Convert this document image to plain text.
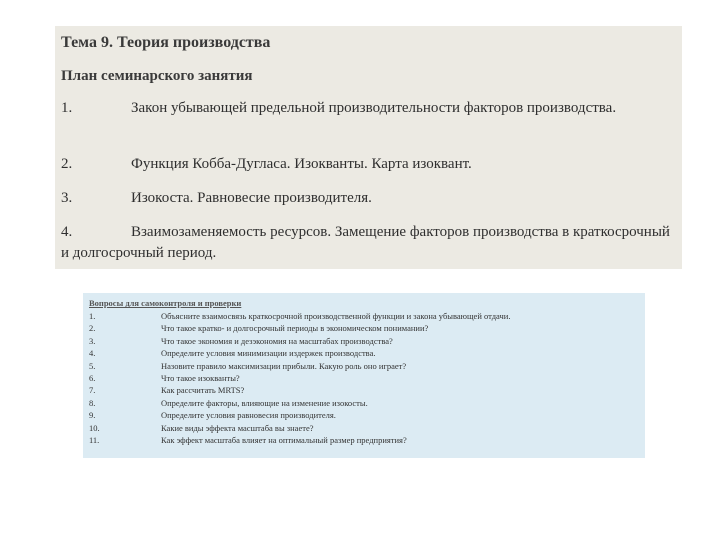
Тема 9. Теория производства

План семинарского занятия

1.	Закон убывающей предельной производительности факторов производства.

2.	Функция Кобба-Дугласа. Изокванты. Карта изоквант.

3.	Изокоста. Равновесие производителя.

4.	Взаимозаменяемость ресурсов. Замещение факторов производства в краткосрочный и долгосрочный период.

Вопросы для самоконтроля и проверки

1.	Объясните взаимосвязь краткосрочной производственной функции и закона убывающей отдачи.
2.	Что такое кратко- и долгосрочный периоды в экономическом понимании?
3.	Что такое экономия и дезэкономия на масштабах производства?
4.	Определите условия минимизации издержек производства.
5.	Назовите правило максимизации прибыли. Какую роль оно играет?
6.	Что такое изокванты?
7.	Как рассчитать MRTS?
8.	Определите факторы, влияющие на изменение изокосты.
9.	Определите условия равновесия производителя.
10.	Какие виды эффекта масштаба вы знаете?
11.	Как эффект масштаба влияет на оптимальный размер предприятия?
